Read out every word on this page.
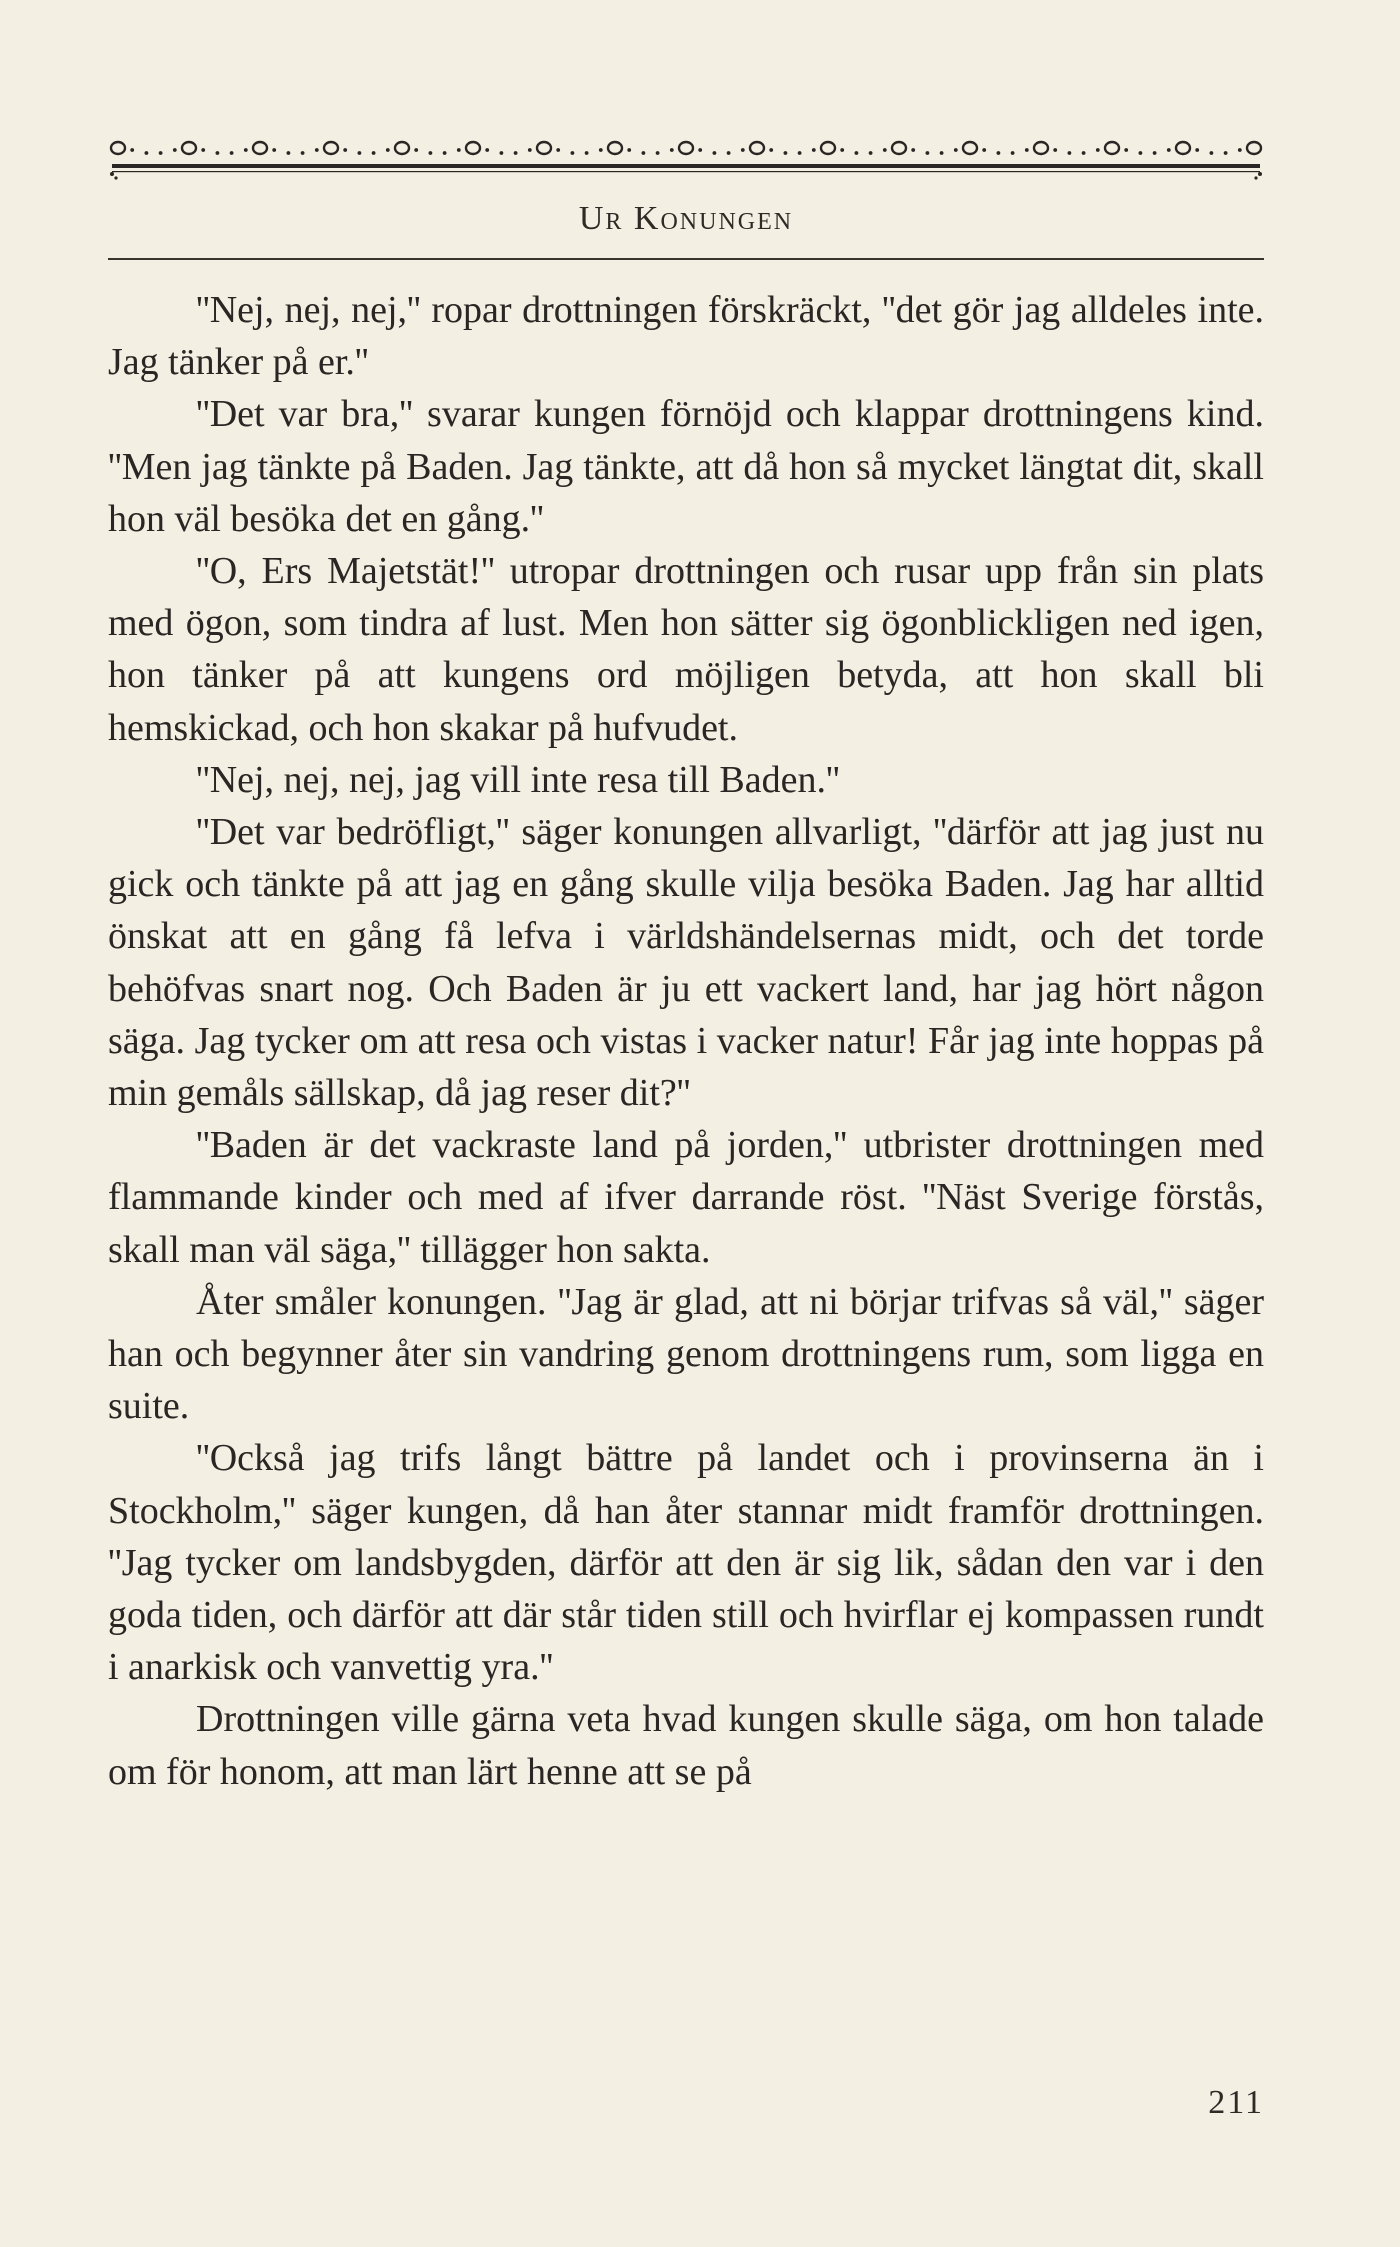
Ur Konungen

''Nej, nej, nej,'' ropar drottningen förskräckt, ''det gör jag alldeles inte. Jag tänker på er.''

''Det var bra,'' svarar kungen förnöjd och klappar drottningens kind. ''Men jag tänkte på Baden. Jag tänkte, att då hon så mycket längtat dit, skall hon väl besöka det en gång.''

''O, Ers Majetstät!'' utropar drottningen och rusar upp från sin plats med ögon, som tindra af lust. Men hon sätter sig ögonblickligen ned igen, hon tänker på att kungens ord möjligen betyda, att hon skall bli hemskickad, och hon skakar på hufvudet.

''Nej, nej, nej, jag vill inte resa till Baden.''

''Det var bedröfligt,'' säger konungen allvarligt, ''därför att jag just nu gick och tänkte på att jag en gång skulle vilja besöka Baden. Jag har alltid önskat att en gång få lefva i världshändelsernas midt, och det torde behöfvas snart nog. Och Baden är ju ett vackert land, har jag hört någon säga. Jag tycker om att resa och vistas i vacker natur! Får jag inte hoppas på min gemåls sällskap, då jag reser dit?''

''Baden är det vackraste land på jorden,'' utbrister drottningen med flammande kinder och med af ifver darrande röst. ''Näst Sverige förstås, skall man väl säga,'' tillägger hon sakta.

Åter småler konungen. ''Jag är glad, att ni börjar trifvas så väl,'' säger han och begynner åter sin vandring genom drottningens rum, som ligga en suite.

''Också jag trifs långt bättre på landet och i provinserna än i Stockholm,'' säger kungen, då han åter stannar midt framför drottningen. ''Jag tycker om landsbygden, därför att den är sig lik, sådan den var i den goda tiden, och därför att där står tiden still och hvirflar ej kompassen rundt i anarkisk och vanvettig yra.''

Drottningen ville gärna veta hvad kungen skulle säga, om hon talade om för honom, att man lärt henne att se på

211
